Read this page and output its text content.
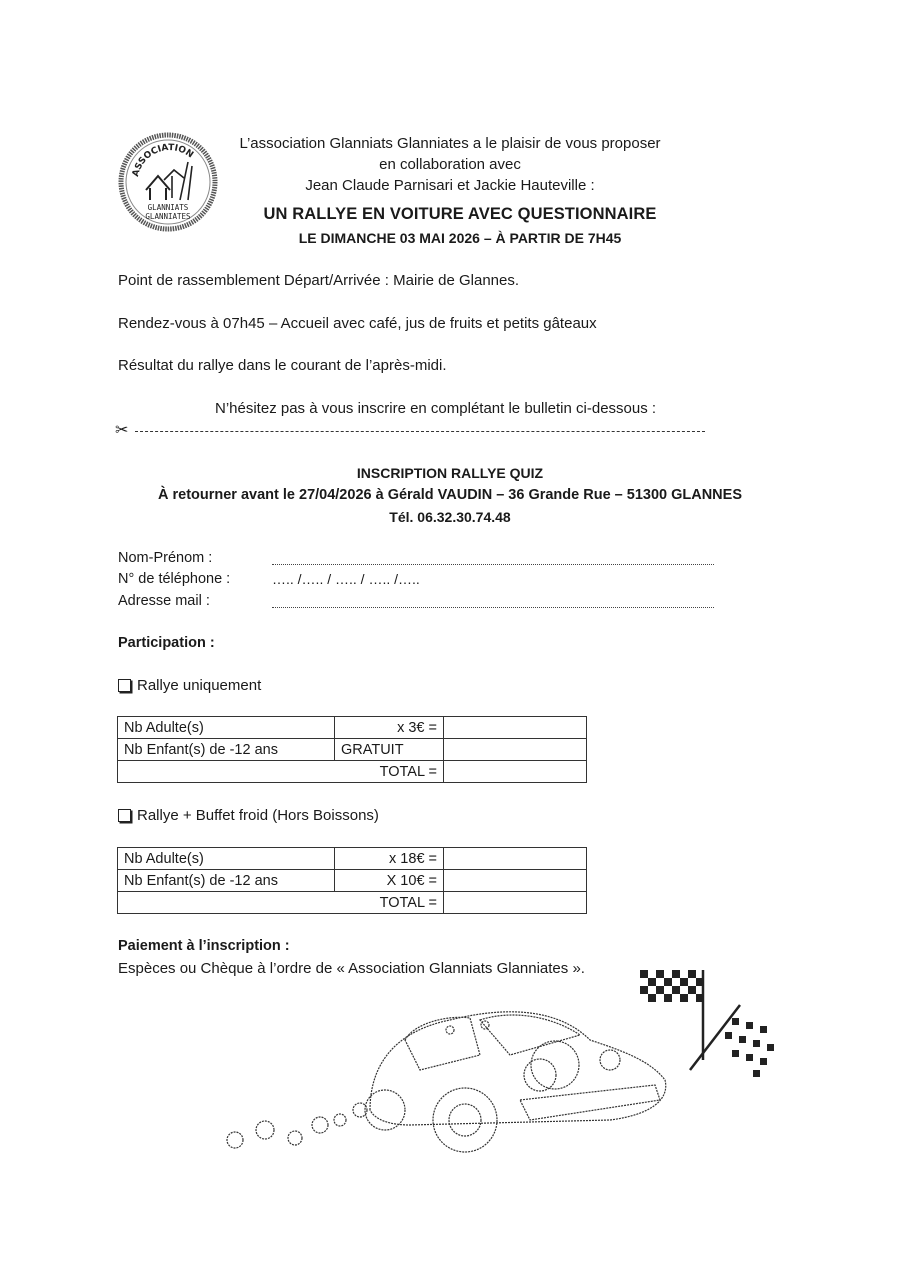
ASSOCIATION
GLANNIATS
GLANNIATES
L’association Glanniats Glanniates a le plaisir de vous proposer
en collaboration avec
Jean Claude Parnisari et Jackie Hauteville :
UN RALLYE EN VOITURE AVEC QUESTIONNAIRE
LE DIMANCHE 03 MAI 2026 – À PARTIR DE 7H45
Point de rassemblement Départ/Arrivée : Mairie de Glannes.
Rendez-vous à 07h45 – Accueil avec café, jus de fruits et petits gâteaux
Résultat du rallye dans le courant de l’après-midi.
N’hésitez pas à vous inscrire en complétant le bulletin ci-dessous :
✂
INSCRIPTION RALLYE QUIZ
À retourner avant le 27/04/2026 à Gérald VAUDIN – 36 Grande Rue – 51300 GLANNES
Tél. 06.32.30.74.48
Nom-Prénom :
N° de téléphone :	….. /….. / ….. / ….. /…..
Adresse mail :
Participation :
Rallye uniquement
Nb Adulte(s)	x 3€ =	
Nb Enfant(s) de -12 ans	GRATUIT	
TOTAL =		
Rallye + Buffet froid (Hors Boissons)
Nb Adulte(s)	x 18€ =	
Nb Enfant(s) de -12 ans	X 10€ =	
TOTAL =		
Paiement à l’inscription :
Espèces ou Chèque à l’ordre de « Association Glanniats Glanniates ».
